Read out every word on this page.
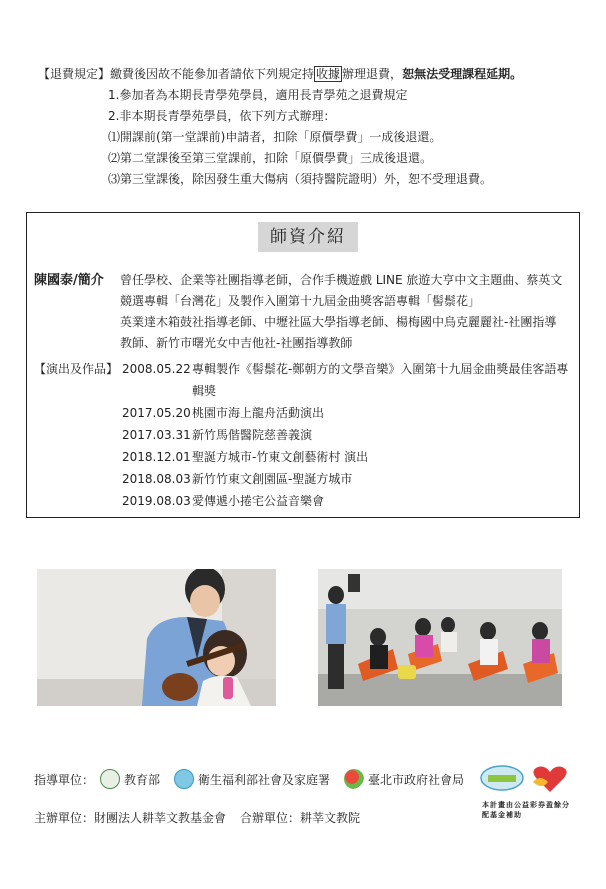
【退費規定】繳費後因故不能參加者請依下列規定持 收據 辦理退費，恕無法受理課程延期。
1.參加者為本期長青學苑學員，適用長青學苑之退費規定
2.非本期長青學苑學員，依下列方式辦理：
⑴開課前(第一堂課前)申請者，扣除「原價學費」一成後退還。
⑵第二堂課後至第三堂課前，扣除「原價學費」三成後退還。
⑶第三堂課後，除因發生重大傷病（須持醫院證明）外，恕不受理退費。
師資介紹
陳國泰/簡介	曾任學校、企業等社團指導老師，合作手機遊戲 LINE 旅遊大亨中文主題曲、蔡英文
競選專輯「台灣花」及製作入圍第十九屆金曲獎客語專輯「髻鬃花」
英業達木箱鼓社指導老師、中壢社區大學指導老師、楊梅國中烏克麗麗社-社團指導
教師、新竹市曙光女中吉他社-社團指導教師
【演出及作品】 2008.05.22 專輯製作《髻鬃花-鄭朝方的文學音樂》入圍第十九屆金曲獎最佳客語專
輯獎
2017.05.20 桃園市海上龍舟活動演出
2017.03.31 新竹馬偕醫院慈善義演
2018.12.01 聖誕方城市-竹東文創藝術村 演出
2018.08.03 新竹竹東文創園區-聖誕方城市
2019.08.03 愛傳遞小捲宅公益音樂會
指導單位： 教育部	衛生福利部社會及家庭署	臺北市政府社會局
本計畫由公益彩券盈餘分配基金補助
主辦單位：財團法人耕莘文教基金會 合辦單位：耕莘文教院
